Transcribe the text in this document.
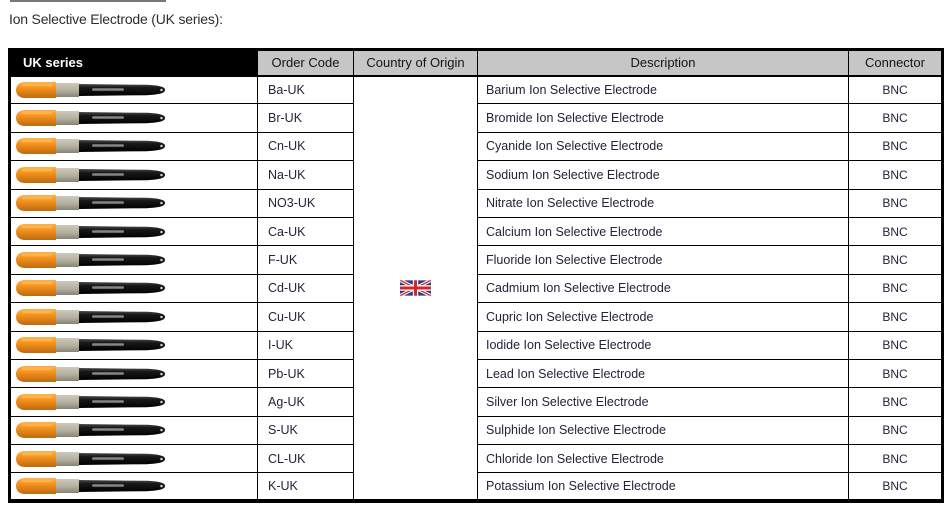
Ion Selective Electrode (UK series):
UK series	Order Code	Country of Origin	Description	Connector

	Ba-UK		Barium Ion Selective Electrode	BNC

	Br-UK		Bromide Ion Selective Electrode	BNC

	Cn-UK		Cyanide Ion Selective Electrode	BNC

	Na-UK		Sodium Ion Selective Electrode	BNC

	NO3-UK		Nitrate Ion Selective Electrode	BNC

	Ca-UK		Calcium Ion Selective Electrode	BNC

	F-UK		Fluoride Ion Selective Electrode	BNC

	Cd-UK		Cadmium Ion Selective Electrode	BNC

	Cu-UK		Cupric Ion Selective Electrode	BNC

	I-UK		Iodide Ion Selective Electrode	BNC

	Pb-UK		Lead Ion Selective Electrode	BNC

	Ag-UK		Silver Ion Selective Electrode	BNC

	S-UK		Sulphide Ion Selective Electrode	BNC

	CL-UK		Chloride Ion Selective Electrode	BNC

	K-UK		Potassium Ion Selective Electrode	BNC
